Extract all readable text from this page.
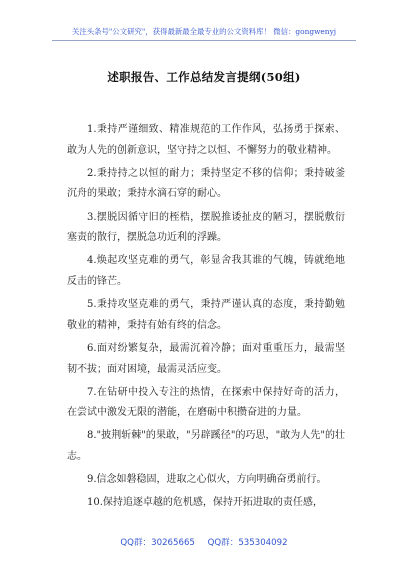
关注头条号"公文研究"，获得最新最全最专业的公文资料库！ 微信：gongwenyj
述职报告、工作总结发言提纲(50组)

1.秉持严谨细致、精准规范的工作作风，弘扬勇于探索、敢为人先的创新意识，坚守持之以恒、不懈努力的敬业精神。

2.秉持持之以恒的耐力；秉持坚定不移的信仰；秉持破釜沉舟的果敢；秉持水滴石穿的耐心。

3.摆脱因循守旧的桎梏，摆脱推诿扯皮的陋习，摆脱敷衍塞责的散行，摆脱急功近利的浮躁。

4.焕起攻坚克难的勇气，彰显舍我其谁的气魄，铸就绝地反击的锋芒。

5.秉持攻坚克难的勇气，秉持严谨认真的态度，秉持勤勉敬业的精神，秉持有始有终的信念。

6.面对纷繁复杂，最需沉着冷静；面对重重压力，最需坚韧不拔；面对困境，最需灵活应变。

7.在钻研中投入专注的热情，在探索中保持好奇的活力，在尝试中激发无限的潜能，在磨砺中积攒奋进的力量。

8."披荆斩棘"的果敢，"另辟蹊径"的巧思，"敢为人先"的壮志。

9.信念如磐稳固，进取之心似火，方向明确奋勇前行。

10.保持追逐卓越的危机感，保持开拓进取的责任感，

QQ群：30265665 QQ群：535304092
